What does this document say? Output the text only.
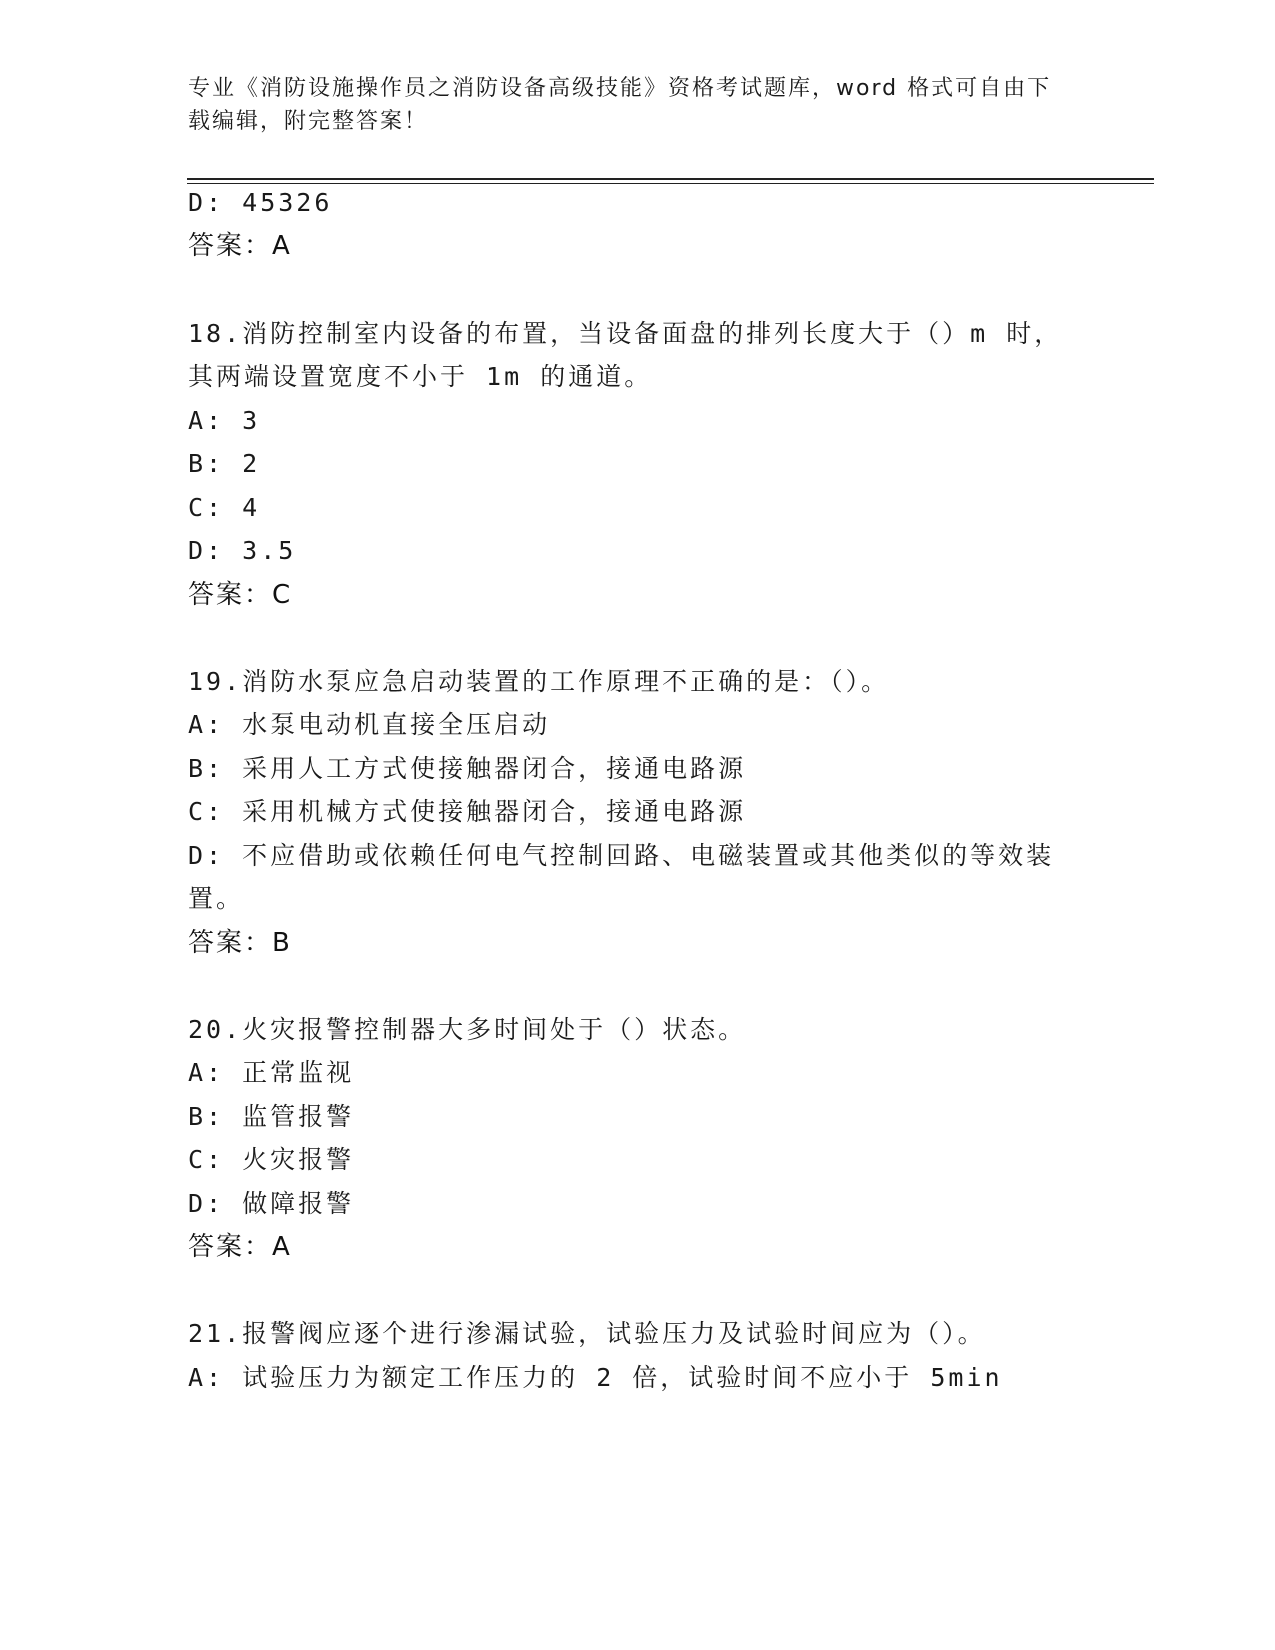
专业《消防设施操作员之消防设备高级技能》资格考试题库，word 格式可自由下载编辑，附完整答案！
D: 45326
答案：A
18.消防控制室内设备的布置，当设备面盘的排列长度大于（）m 时，
其两端设置宽度不小于 1m 的通道。
A: 3
B: 2
C: 4
D: 3.5
答案：C
19.消防水泵应急启动装置的工作原理不正确的是：（）。
A: 水泵电动机直接全压启动
B: 采用人工方式使接触器闭合，接通电路源
C: 采用机械方式使接触器闭合，接通电路源
D: 不应借助或依赖任何电气控制回路、电磁装置或其他类似的等效装
置。
答案：B
20.火灾报警控制器大多时间处于（）状态。
A: 正常监视
B: 监管报警
C: 火灾报警
D: 做障报警
答案：A
21.报警阀应逐个进行渗漏试验，试验压力及试验时间应为（）。
A: 试验压力为额定工作压力的 2 倍，试验时间不应小于 5min
